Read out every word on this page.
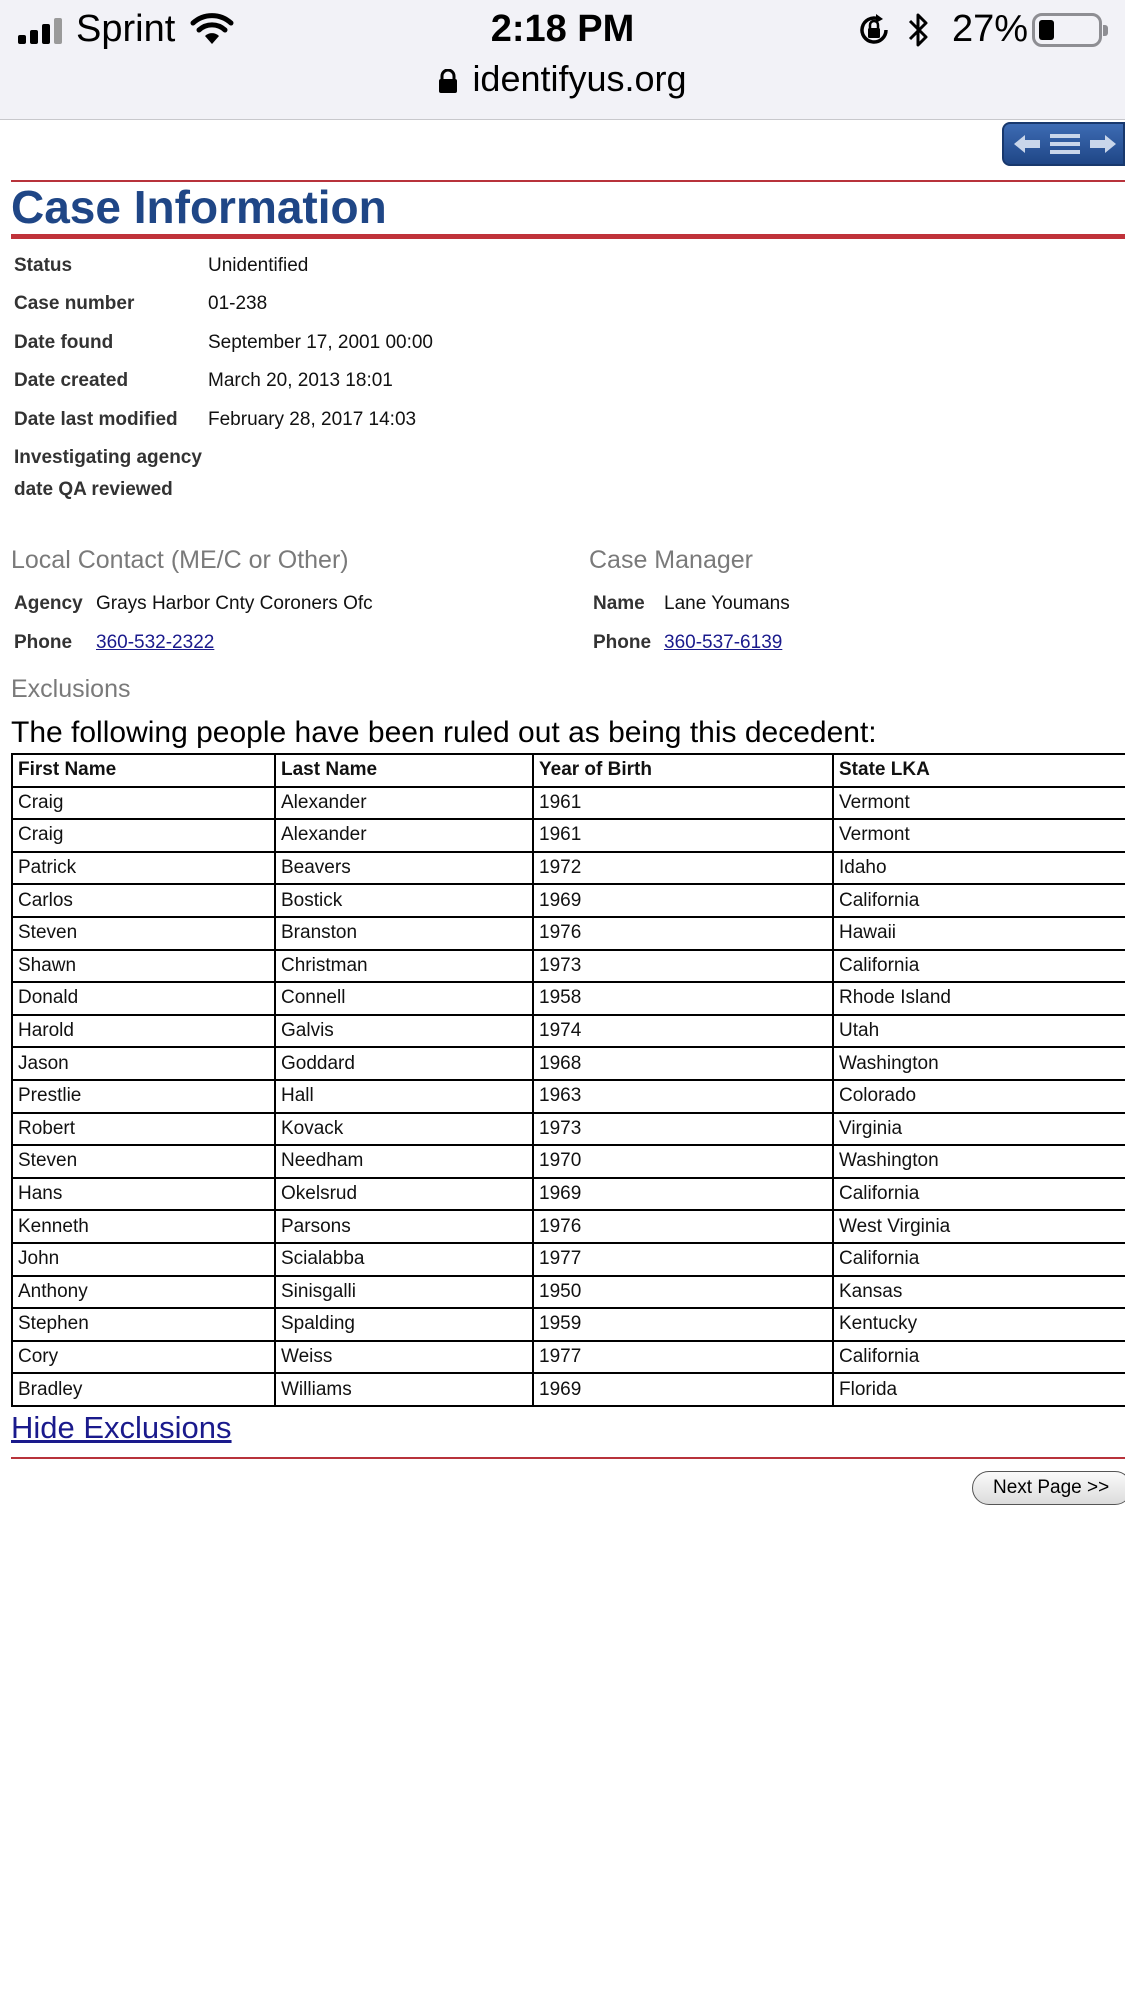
Sprint	2:18 PM	27%
identifyus.org
Case Information
Status	Unidentified
Case number	01-238
Date found	September 17, 2001 00:00
Date created	March 20, 2013 18:01
Date last modified February 28, 2017 14:03
Investigating agency
date QA reviewed
Local Contact (ME/C or Other)
Agency Grays Harbor Cnty Coroners Ofc
Phone 360-532-2322
Case Manager
Name Lane Youmans
Phone 360-537-6139
Exclusions
The following people have been ruled out as being this decedent:
First Name	Last Name	Year of Birth	State LKA
Craig	Alexander	1961	Vermont
Craig	Alexander	1961	Vermont
Patrick	Beavers	1972	Idaho
Carlos	Bostick	1969	California
Steven	Branston	1976	Hawaii
Shawn	Christman	1973	California
Donald	Connell	1958	Rhode Island
Harold	Galvis	1974	Utah
Jason	Goddard	1968	Washington
Prestlie	Hall	1963	Colorado
Robert	Kovack	1973	Virginia
Steven	Needham	1970	Washington
Hans	Okelsrud	1969	California
Kenneth	Parsons	1976	West Virginia
John	Scialabba	1977	California
Anthony	Sinisgalli	1950	Kansas
Stephen	Spalding	1959	Kentucky
Cory	Weiss	1977	California
Bradley	Williams	1969	Florida
Hide Exclusions
Next Page >>
